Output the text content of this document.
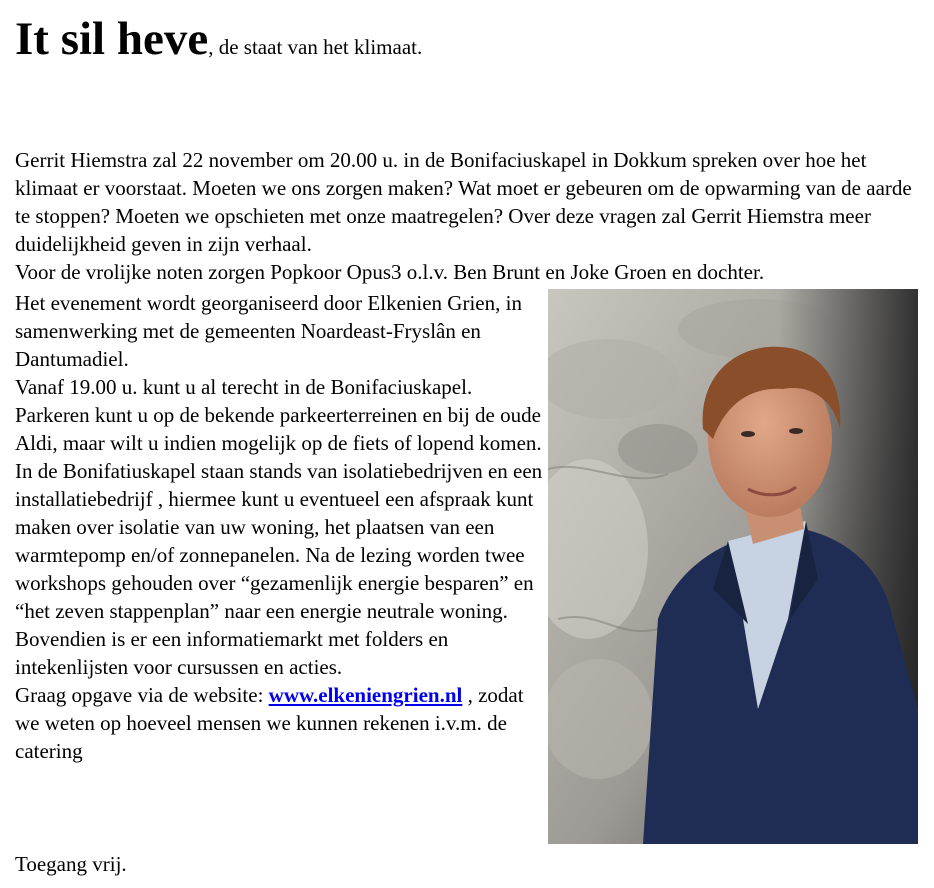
It sil heve, de staat van het klimaat.

Gerrit Hiemstra zal 22 november om 20.00 u. in de Bonifaciuskapel in Dokkum spreken over hoe het klimaat er voorstaat. Moeten we ons zorgen maken? Wat moet er gebeuren om de opwarming van de aarde te stoppen? Moeten we opschieten met onze maatregelen? Over deze vragen zal Gerrit Hiemstra meer duidelijkheid geven in zijn verhaal.

Voor de vrolijke noten zorgen Popkoor Opus3 o.l.v. Ben Brunt en Joke Groen en dochter.

Het evenement wordt georganiseerd door Elkenien Grien, in samenwerking met de gemeenten Noardeast-Fryslân en Dantumadiel.

Vanaf 19.00 u. kunt u al terecht in de Bonifaciuskapel. Parkeren kunt u op de bekende parkeerterreinen en bij de oude Aldi, maar wilt u indien mogelijk op de fiets of lopend komen.

In de Bonifatiuskapel staan stands van isolatiebedrijven en een installatiebedrijf , hiermee kunt u eventueel een afspraak kunt maken over isolatie van uw woning, het plaatsen van een warmtepomp en/of zonnepanelen. Na de lezing worden twee workshops gehouden over “gezamenlijk energie besparen” en “het zeven stappenplan” naar een energie neutrale woning. Bovendien is er een informatiemarkt met folders en intekenlijsten voor cursussen en acties.

Graag opgave via de website: www.elkeniengrien.nl , zodat we weten op hoeveel mensen we kunnen rekenen i.v.m. de catering

Toegang vrij.
